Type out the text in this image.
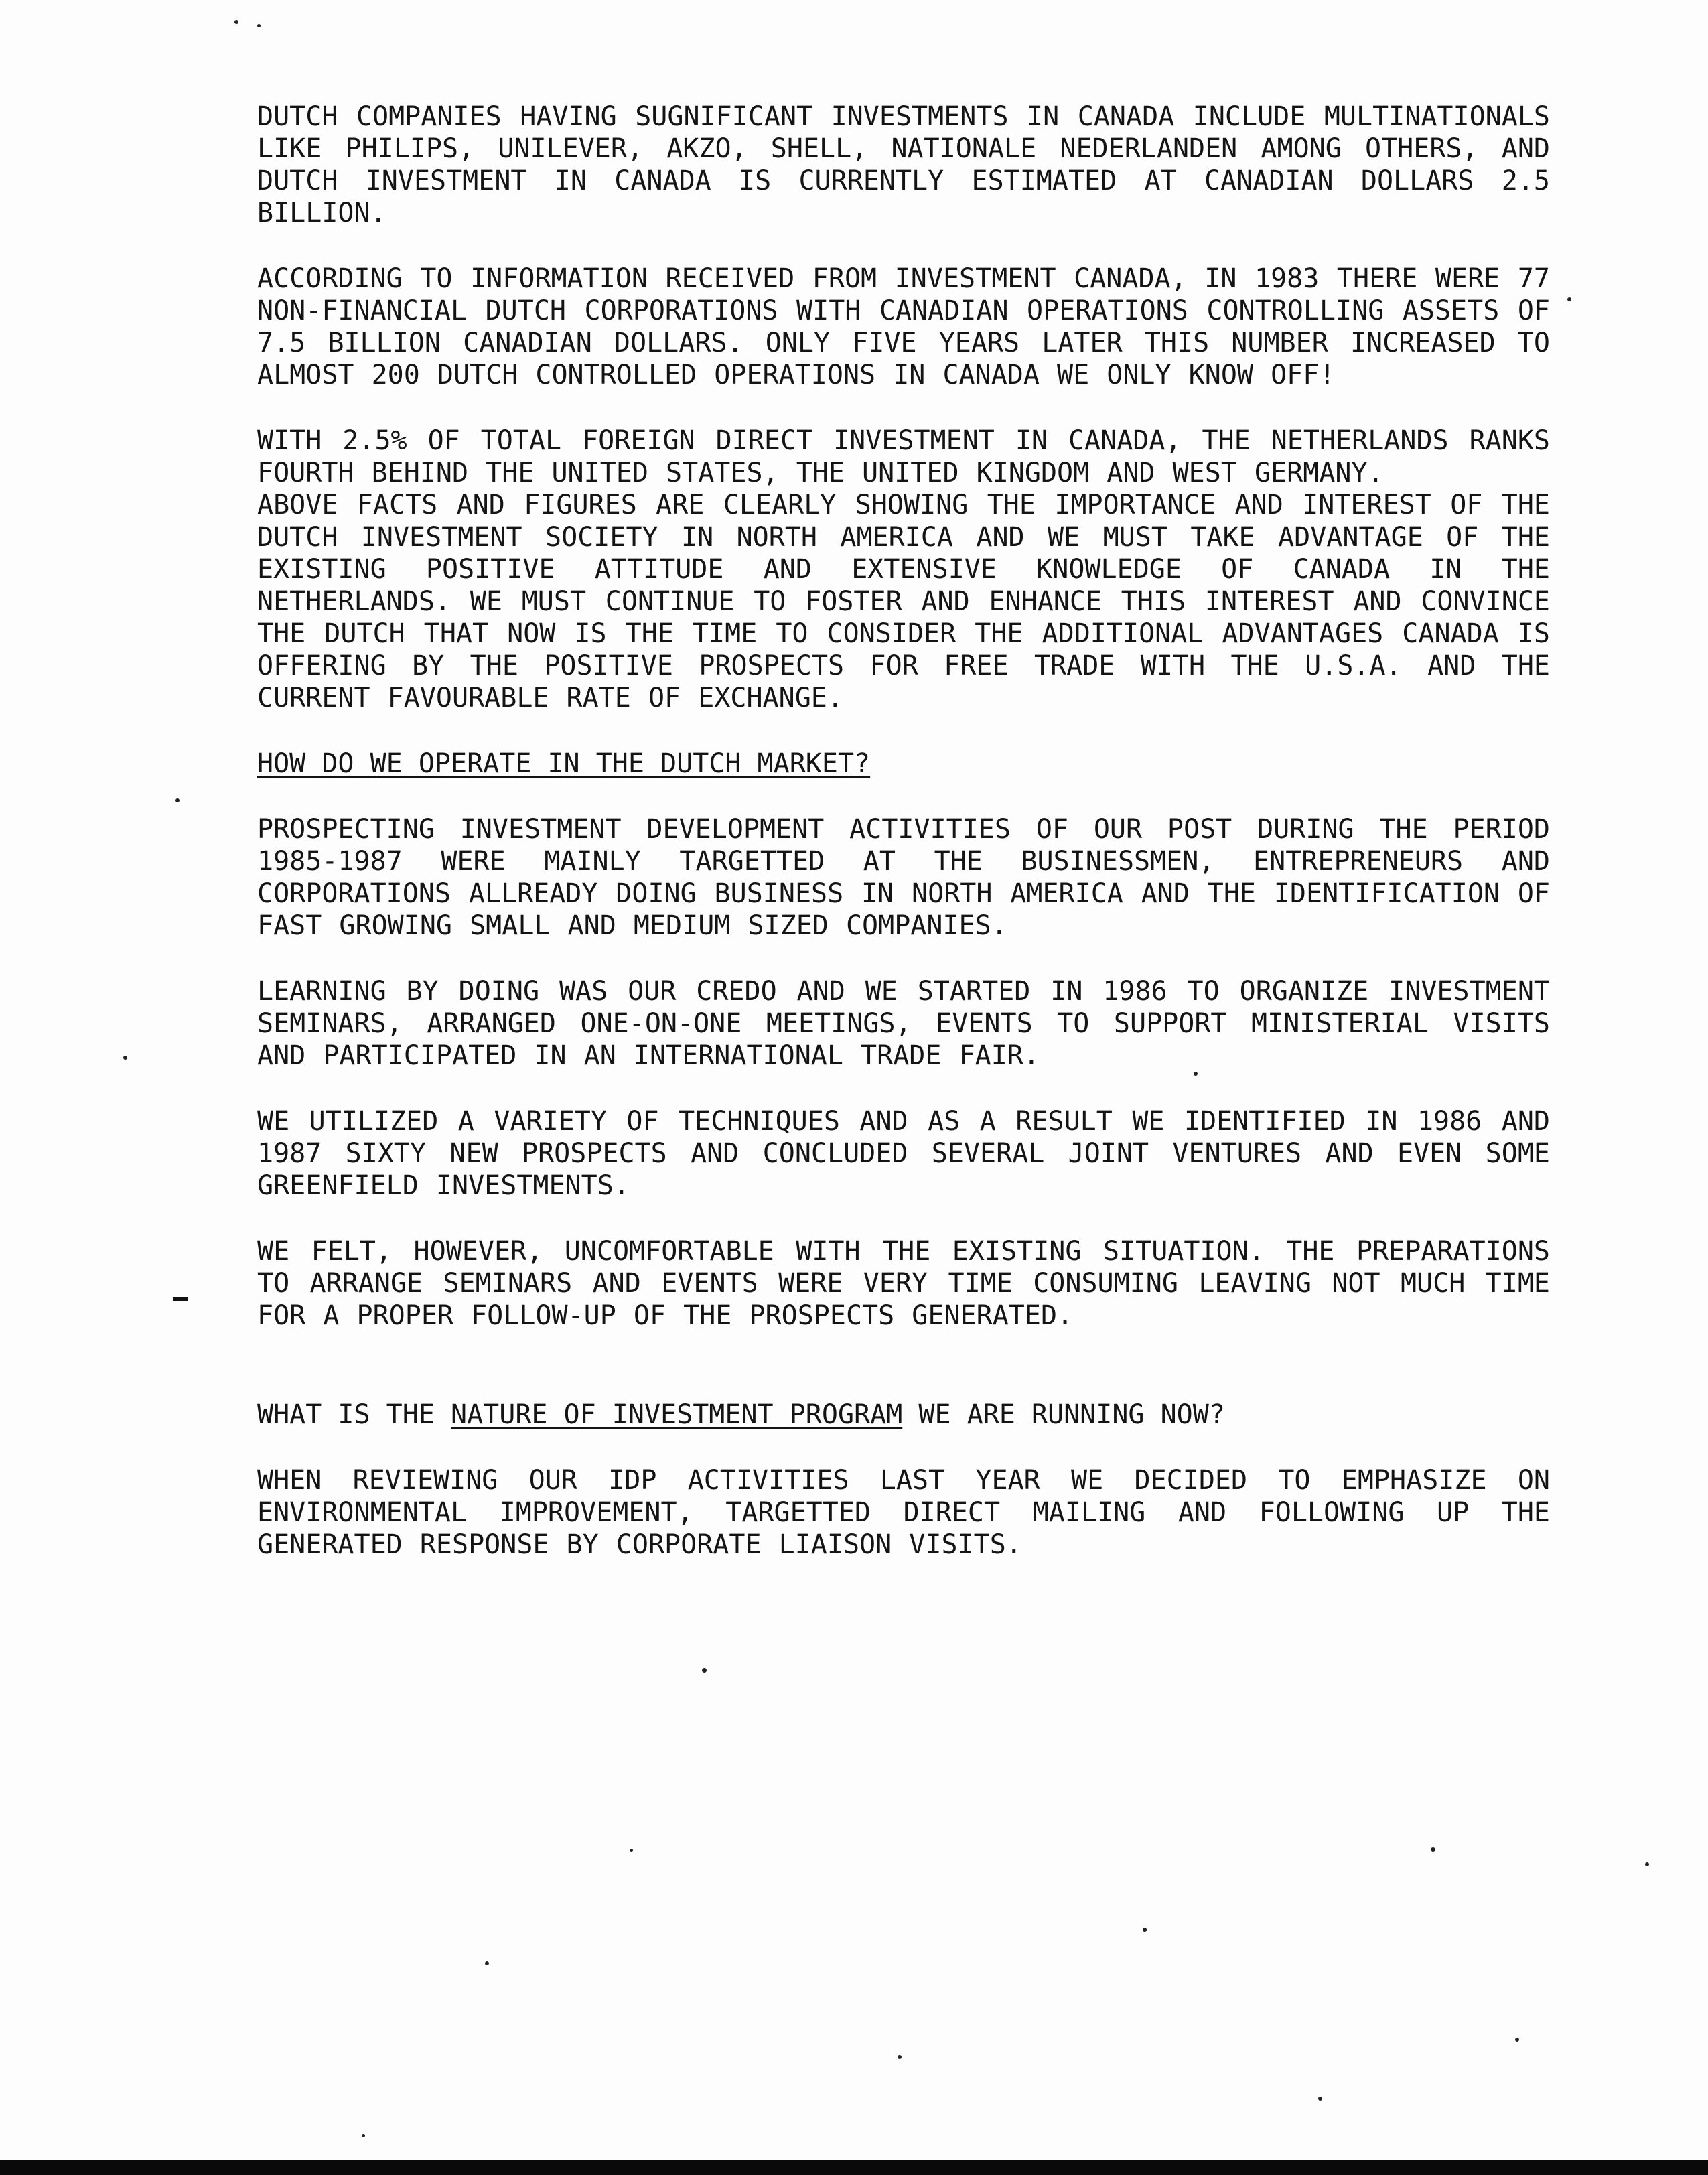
DUTCH COMPANIES HAVING SUGNIFICANT INVESTMENTS IN CANADA INCLUDE MULTINATIONALS LIKE PHILIPS, UNILEVER, AKZO, SHELL, NATIONALE NEDERLANDEN AMONG OTHERS, AND DUTCH INVESTMENT IN CANADA IS CURRENTLY ESTIMATED AT CANADIAN DOLLARS 2.5 BILLION.

ACCORDING TO INFORMATION RECEIVED FROM INVESTMENT CANADA, IN 1983 THERE WERE 77 NON-FINANCIAL DUTCH CORPORATIONS WITH CANADIAN OPERATIONS CONTROLLING ASSETS OF 7.5 BILLION CANADIAN DOLLARS. ONLY FIVE YEARS LATER THIS NUMBER INCREASED TO ALMOST 200 DUTCH CONTROLLED OPERATIONS IN CANADA WE ONLY KNOW OFF!

WITH 2.5% OF TOTAL FOREIGN DIRECT INVESTMENT IN CANADA, THE NETHERLANDS RANKS FOURTH BEHIND THE UNITED STATES, THE UNITED KINGDOM AND WEST GERMANY.

ABOVE FACTS AND FIGURES ARE CLEARLY SHOWING THE IMPORTANCE AND INTEREST OF THE DUTCH INVESTMENT SOCIETY IN NORTH AMERICA AND WE MUST TAKE ADVANTAGE OF THE EXISTING POSITIVE ATTITUDE AND EXTENSIVE KNOWLEDGE OF CANADA IN THE NETHERLANDS. WE MUST CONTINUE TO FOSTER AND ENHANCE THIS INTEREST AND CONVINCE THE DUTCH THAT NOW IS THE TIME TO CONSIDER THE ADDITIONAL ADVANTAGES CANADA IS OFFERING BY THE POSITIVE PROSPECTS FOR FREE TRADE WITH THE U.S.A. AND THE CURRENT FAVOURABLE RATE OF EXCHANGE.

HOW DO WE OPERATE IN THE DUTCH MARKET?

PROSPECTING INVESTMENT DEVELOPMENT ACTIVITIES OF OUR POST DURING THE PERIOD 1985-1987 WERE MAINLY TARGETTED AT THE BUSINESSMEN, ENTREPRENEURS AND CORPORATIONS ALLREADY DOING BUSINESS IN NORTH AMERICA AND THE IDENTIFICATION OF FAST GROWING SMALL AND MEDIUM SIZED COMPANIES.

LEARNING BY DOING WAS OUR CREDO AND WE STARTED IN 1986 TO ORGANIZE INVESTMENT SEMINARS, ARRANGED ONE-ON-ONE MEETINGS, EVENTS TO SUPPORT MINISTERIAL VISITS AND PARTICIPATED IN AN INTERNATIONAL TRADE FAIR.

WE UTILIZED A VARIETY OF TECHNIQUES AND AS A RESULT WE IDENTIFIED IN 1986 AND 1987 SIXTY NEW PROSPECTS AND CONCLUDED SEVERAL JOINT VENTURES AND EVEN SOME GREENFIELD INVESTMENTS.

WE FELT, HOWEVER, UNCOMFORTABLE WITH THE EXISTING SITUATION. THE PREPARATIONS TO ARRANGE SEMINARS AND EVENTS WERE VERY TIME CONSUMING LEAVING NOT MUCH TIME FOR A PROPER FOLLOW-UP OF THE PROSPECTS GENERATED.

WHAT IS THE NATURE OF INVESTMENT PROGRAM WE ARE RUNNING NOW?

WHEN REVIEWING OUR IDP ACTIVITIES LAST YEAR WE DECIDED TO EMPHASIZE ON ENVIRONMENTAL IMPROVEMENT, TARGETTED DIRECT MAILING AND FOLLOWING UP THE GENERATED RESPONSE BY CORPORATE LIAISON VISITS.
